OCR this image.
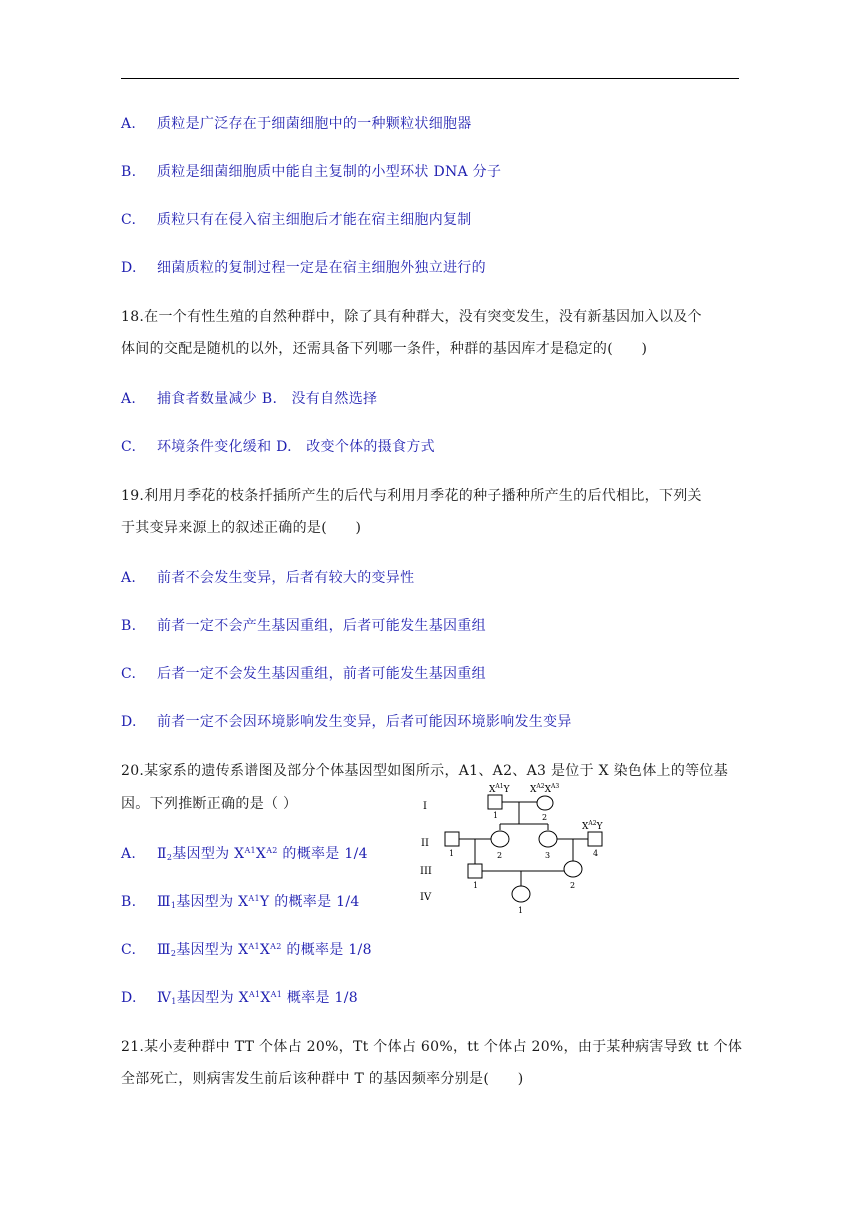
A. 质粒是广泛存在于细菌细胞中的一种颗粒状细胞器
B. 质粒是细菌细胞质中能自主复制的小型环状 DNA 分子
C. 质粒只有在侵入宿主细胞后才能在宿主细胞内复制
D. 细菌质粒的复制过程一定是在宿主细胞外独立进行的
18.在一个有性生殖的自然种群中，除了具有种群大，没有突变发生，没有新基因加入以及个
体间的交配是随机的以外，还需具备下列哪一条件，种群的基因库才是稳定的(　　)
A. 捕食者数量减少 B.　没有自然选择
C. 环境条件变化缓和 D.　改变个体的摄食方式
19.利用月季花的枝条扦插所产生的后代与利用月季花的种子播种所产生的后代相比，下列关
于其变异来源上的叙述正确的是(　　)
A. 前者不会发生变异，后者有较大的变异性
B. 前者一定不会产生基因重组，后者可能发生基因重组
C. 后者一定不会发生基因重组，前者可能发生基因重组
D. 前者一定不会因环境影响发生变异，后者可能因环境影响发生变异
20.某家系的遗传系谱图及部分个体基因型如图所示，A1、A2、A3 是位于 X 染色体上的等位基
因。下列推断正确的是（ ）
A. $Ⅱ_2$基因型为 $X^{A1}X^{A2}$ 的概率是 1/4
B. $Ⅲ_1$基因型为 $X^{A1}Y$ 的概率是 1/4
C. $Ⅲ_2$基因型为 $X^{A1}X^{A2}$ 的概率是 1/8
D. $Ⅳ_1$基因型为 $X^{A1}X^{A1}$ 概率是 1/8
I
II
III
IV
$X^{A1}Y$ $X^{A2}X^{A3}$
$X^{A2}Y$
1	2
1	2	3	4
1	2
1
21.某小麦种群中 TT 个体占 20%，Tt 个体占 60%，tt 个体占 20%，由于某种病害导致 tt 个体
全部死亡，则病害发生前后该种群中 T 的基因频率分别是(　　)
